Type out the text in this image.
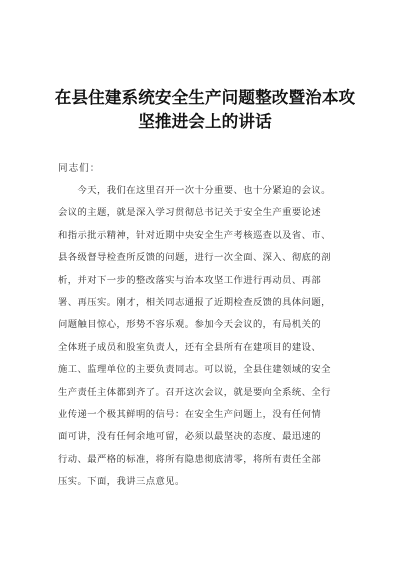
在县住建系统安全生产问题整改暨治本攻
坚推进会上的讲话
同志们：
　　今天，我们在这里召开一次十分重要、也十分紧迫的会议。
会议的主题，就是深入学习贯彻总书记关于安全生产重要论述
和指示批示精神，针对近期中央安全生产考核巡查以及省、市、
县各级督导检查所反馈的问题，进行一次全面、深入、彻底的剖
析，并对下一步的整改落实与治本攻坚工作进行再动员、再部
署、再压实。刚才，相关同志通报了近期检查反馈的具体问题，
问题触目惊心，形势不容乐观。参加今天会议的，有局机关的
全体班子成员和股室负责人，还有全县所有在建项目的建设、
施工、监理单位的主要负责同志。可以说，全县住建领域的安全
生产责任主体都到齐了。召开这次会议，就是要向全系统、全行
业传递一个极其鲜明的信号：在安全生产问题上，没有任何情
面可讲，没有任何余地可留，必须以最坚决的态度、最迅速的
行动、最严格的标准，将所有隐患彻底清零，将所有责任全部
压实。下面，我讲三点意见。
